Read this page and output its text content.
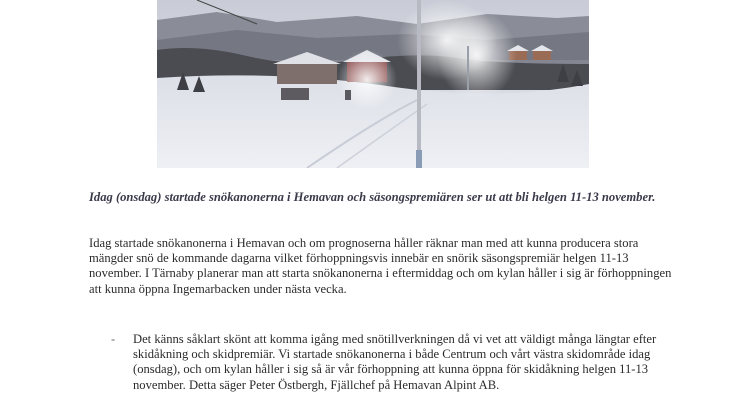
Idag (onsdag) startade snökanonerna i Hemavan och säsongspremiären ser ut att bli helgen 11-13 november.

Idag startade snökanonerna i Hemavan och om prognoserna håller räknar man med att kunna producera stora mängder snö de kommande dagarna vilket förhoppningsvis innebär en snörik säsongspremiär helgen 11-13 november. I Tärnaby planerar man att starta snökanonerna i eftermiddag och om kylan håller i sig är förhoppningen att kunna öppna Ingemarbacken under nästa vecka.

- Det känns såklart skönt att komma igång med snötillverkningen då vi vet att väldigt många längtar efter skidåkning och skidpremiär. Vi startade snökanonerna i både Centrum och vårt västra skidområde idag (onsdag), och om kylan håller i sig så är vår förhoppning att kunna öppna för skidåkning helgen 11-13 november. Detta säger Peter Östbergh, Fjällchef på Hemavan Alpint AB.
